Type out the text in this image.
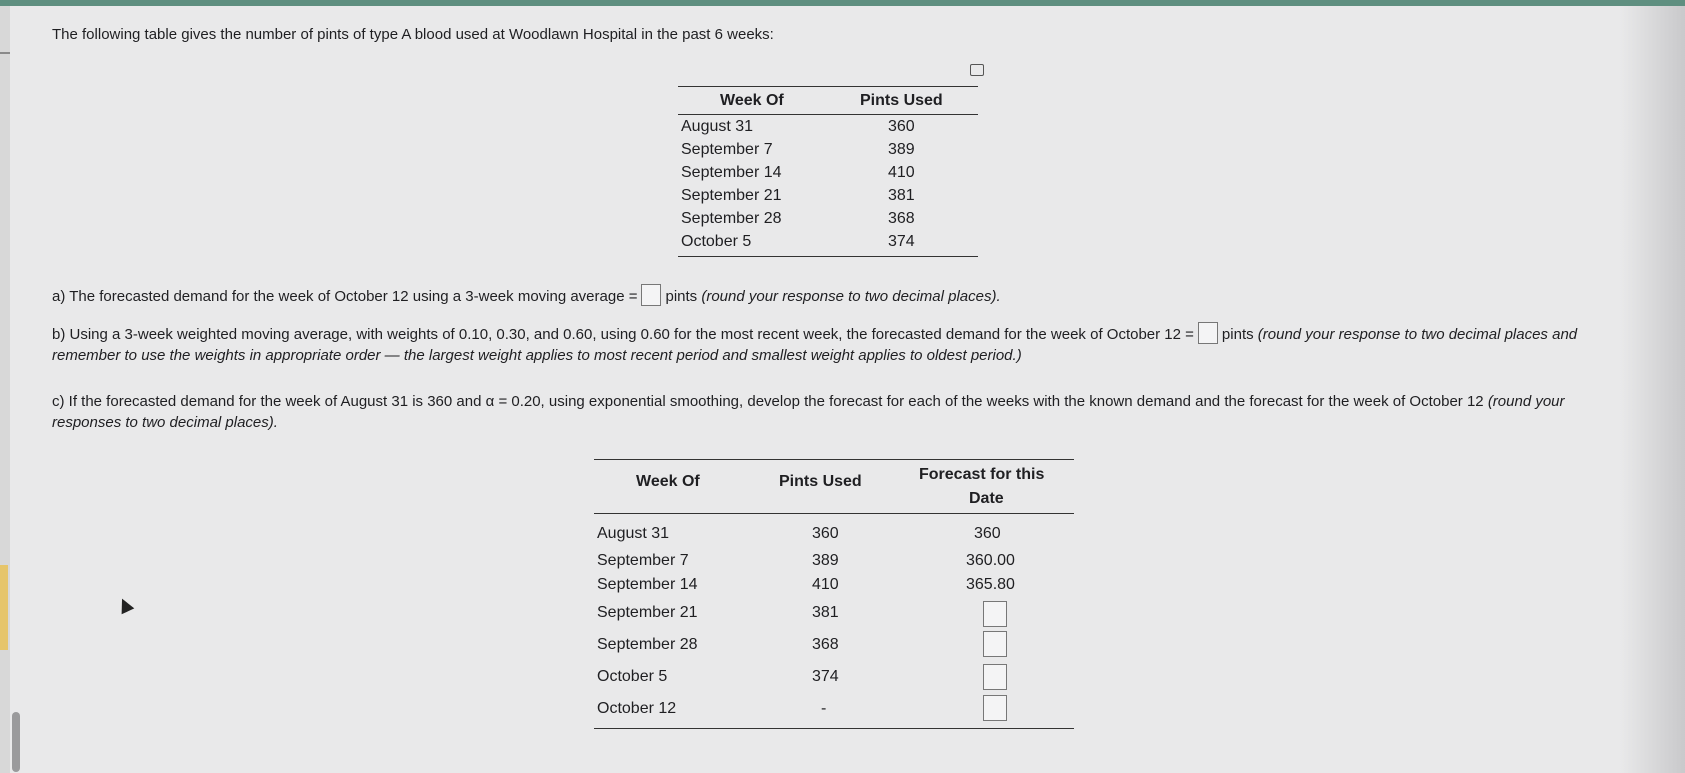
The following table gives the number of pints of type A blood used at Woodlawn Hospital in the past 6 weeks:
Week Of	Pints Used
August 31	360
September 7	389
September 14	410
September 21	381
September 28	368
October 5	374
a) The forecasted demand for the week of October 12 using a 3-week moving average = pints (round your response to two decimal places).
b) Using a 3-week weighted moving average, with weights of 0.10, 0.30, and 0.60, using 0.60 for the most recent week, the forecasted demand for the week of October 12 = pints (round your response to two decimal places and remember to use the weights in appropriate order — the largest weight applies to most recent period and smallest weight applies to oldest period.)
c) If the forecasted demand for the week of August 31 is 360 and α = 0.20, using exponential smoothing, develop the forecast for each of the weeks with the known demand and the forecast for the week of October 12 (round your responses to two decimal places).
Week Of	Pints Used	Forecast for this
Date
August 31	360	360
September 7	389	360.00
September 14	410	365.80
September 21	381
September 28	368
October 5	374
October 12	-
